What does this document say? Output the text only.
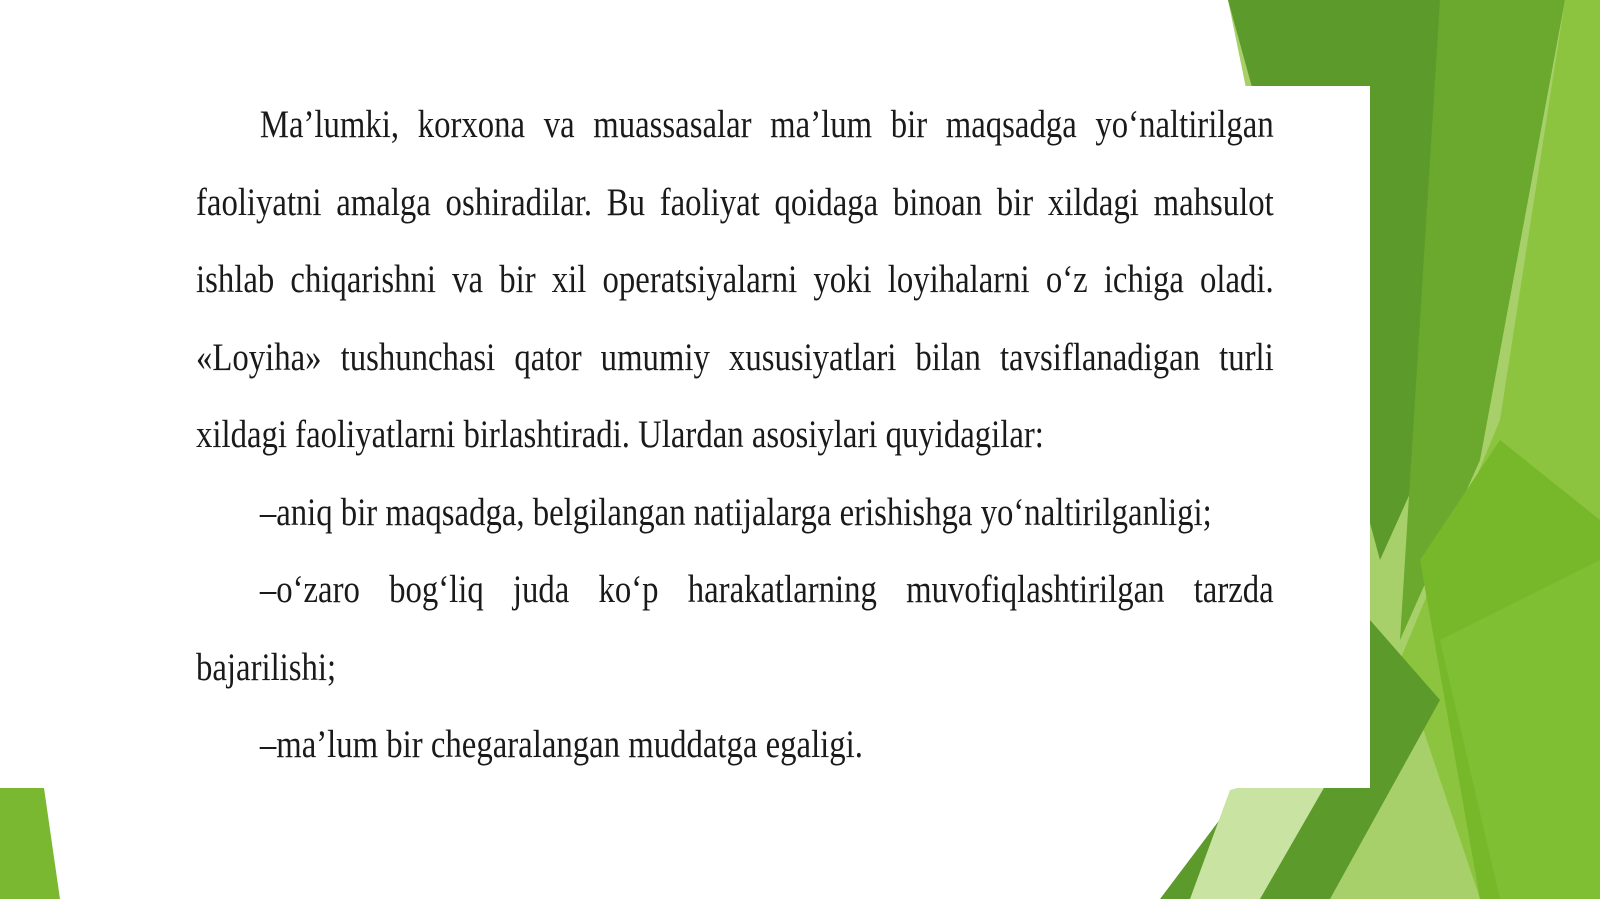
Ma’lumki, korxona va muassasalar ma’lum bir maqsadga yo‘naltirilgan faoliyatni amalga oshiradilar. Bu faoliyat qoidaga binoan bir xildagi mahsulot ishlab chiqarishni va bir xil operatsiyalarni yoki loyihalarni o‘z ichiga oladi. «Loyiha» tushunchasi qator umumiy xususiyatlari bilan tavsiflanadigan turli xildagi faoliyatlarni birlashtiradi. Ulardan asosiylari quyidagilar:

–aniq bir maqsadga, belgilangan natijalarga erishishga yo‘naltirilganligi;

–o‘zaro bog‘liq juda ko‘p harakatlarning muvofiqlashtirilgan tarzda bajarilishi;

–ma’lum bir chegaralangan muddatga egaligi.
